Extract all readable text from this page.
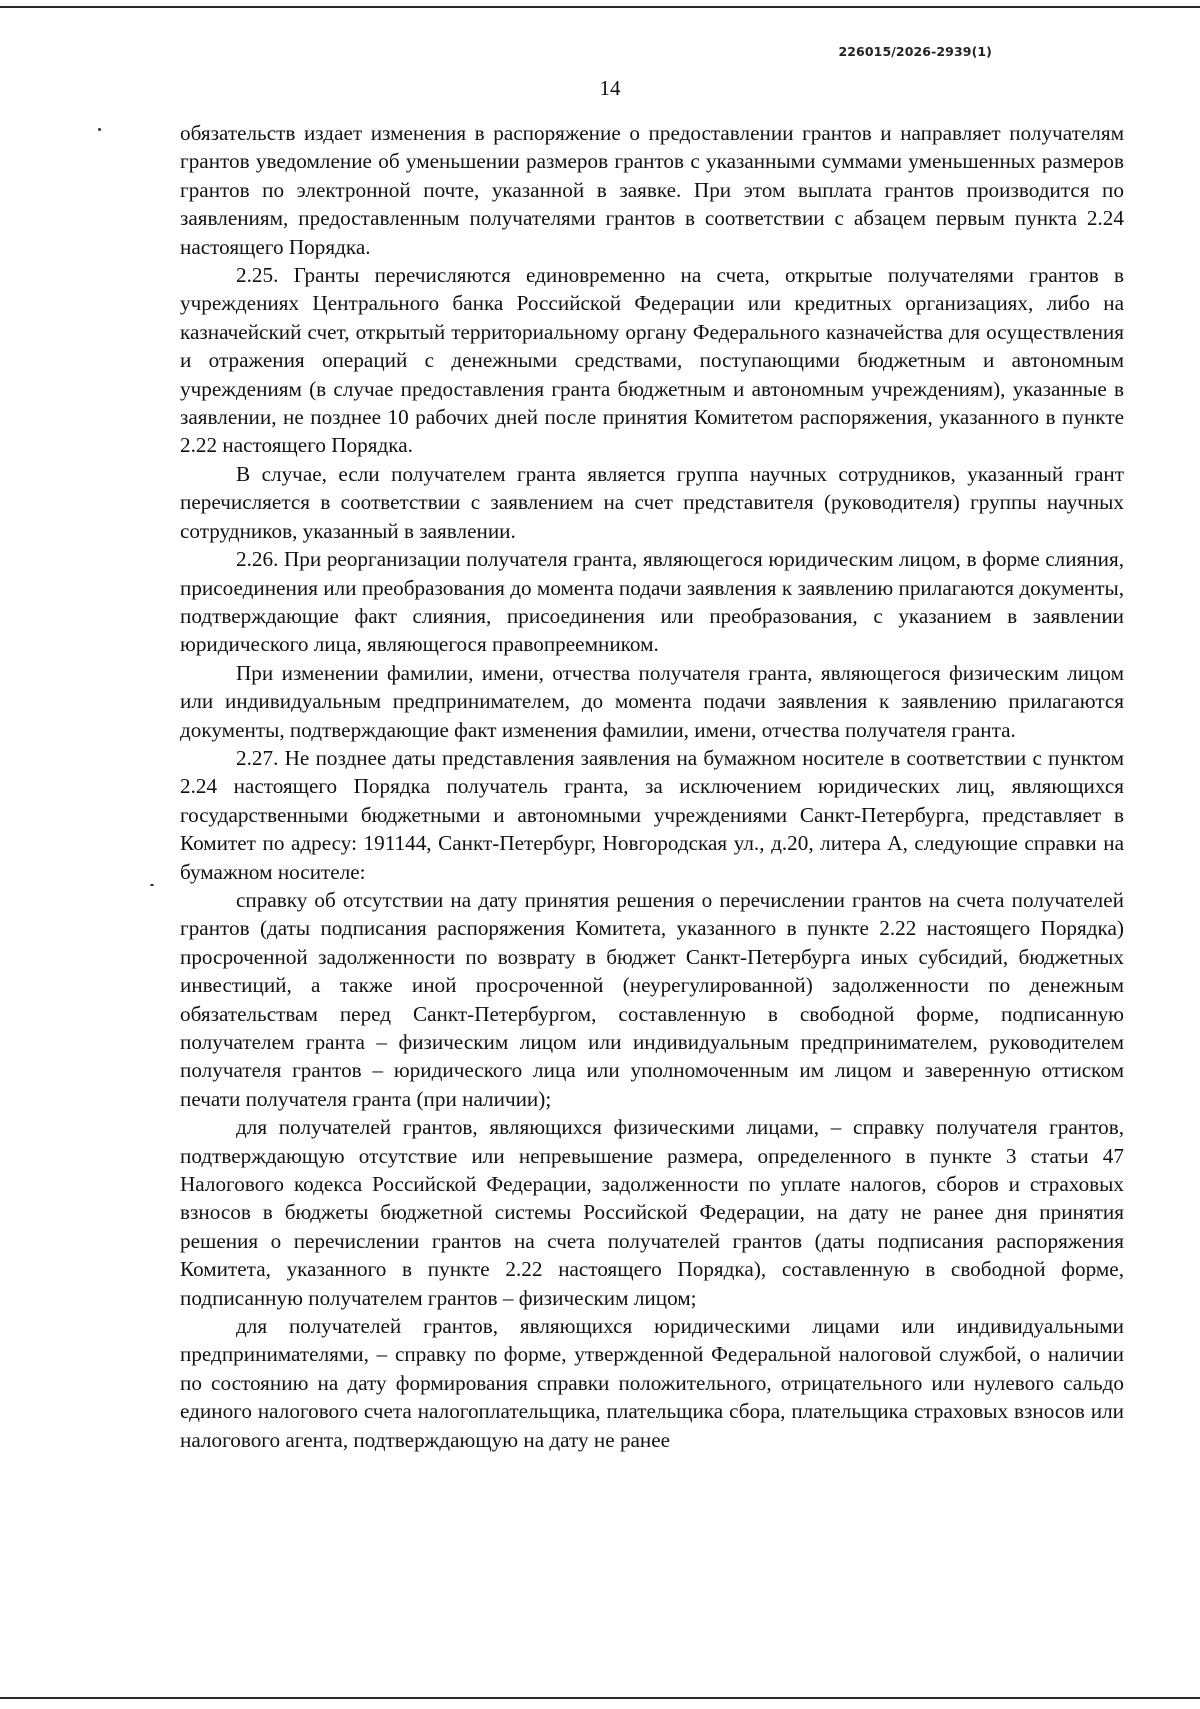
226015/2026-2939(1)
14

обязательств издает изменения в распоряжение о предоставлении грантов и направляет получателям грантов уведомление об уменьшении размеров грантов с указанными суммами уменьшенных размеров грантов по электронной почте, указанной в заявке. При этом выплата грантов производится по заявлениям, предоставленным получателями грантов в соответствии с абзацем первым пункта 2.24 настоящего Порядка.

2.25. Гранты перечисляются единовременно на счета, открытые получателями грантов в учреждениях Центрального банка Российской Федерации или кредитных организациях, либо на казначейский счет, открытый территориальному органу Федерального казначейства для осуществления и отражения операций с денежными средствами, поступающими бюджетным и автономным учреждениям (в случае предоставления гранта бюджетным и автономным учреждениям), указанные в заявлении, не позднее 10 рабочих дней после принятия Комитетом распоряжения, указанного в пункте 2.22 настоящего Порядка.

В случае, если получателем гранта является группа научных сотрудников, указанный грант перечисляется в соответствии с заявлением на счет представителя (руководителя) группы научных сотрудников, указанный в заявлении.

2.26. При реорганизации получателя гранта, являющегося юридическим лицом, в форме слияния, присоединения или преобразования до момента подачи заявления к заявлению прилагаются документы, подтверждающие факт слияния, присоединения или преобразования, с указанием в заявлении юридического лица, являющегося правопреемником.

При изменении фамилии, имени, отчества получателя гранта, являющегося физическим лицом или индивидуальным предпринимателем, до момента подачи заявления к заявлению прилагаются документы, подтверждающие факт изменения фамилии, имени, отчества получателя гранта.

2.27. Не позднее даты представления заявления на бумажном носителе в соответствии с пунктом 2.24 настоящего Порядка получатель гранта, за исключением юридических лиц, являющихся государственными бюджетными и автономными учреждениями Санкт-Петербурга, представляет в Комитет по адресу: 191144, Санкт-Петербург, Новгородская ул., д.20, литера А, следующие справки на бумажном носителе:

справку об отсутствии на дату принятия решения о перечислении грантов на счета получателей грантов (даты подписания распоряжения Комитета, указанного в пункте 2.22 настоящего Порядка) просроченной задолженности по возврату в бюджет Санкт-Петербурга иных субсидий, бюджетных инвестиций, а также иной просроченной (неурегулированной) задолженности по денежным обязательствам перед Санкт-Петербургом, составленную в свободной форме, подписанную получателем гранта – физическим лицом или индивидуальным предпринимателем, руководителем получателя грантов – юридического лица или уполномоченным им лицом и заверенную оттиском печати получателя гранта (при наличии);

для получателей грантов, являющихся физическими лицами, – справку получателя грантов, подтверждающую отсутствие или непревышение размера, определенного в пункте 3 статьи 47 Налогового кодекса Российской Федерации, задолженности по уплате налогов, сборов и страховых взносов в бюджеты бюджетной системы Российской Федерации, на дату не ранее дня принятия решения о перечислении грантов на счета получателей грантов (даты подписания распоряжения Комитета, указанного в пункте 2.22 настоящего Порядка), составленную в свободной форме, подписанную получателем грантов – физическим лицом;

для получателей грантов, являющихся юридическими лицами или индивидуальными предпринимателями, – справку по форме, утвержденной Федеральной налоговой службой, о наличии по состоянию на дату формирования справки положительного, отрицательного или нулевого сальдо единого налогового счета налогоплательщика, плательщика сбора, плательщика страховых взносов или налогового агента, подтверждающую на дату не ранее
